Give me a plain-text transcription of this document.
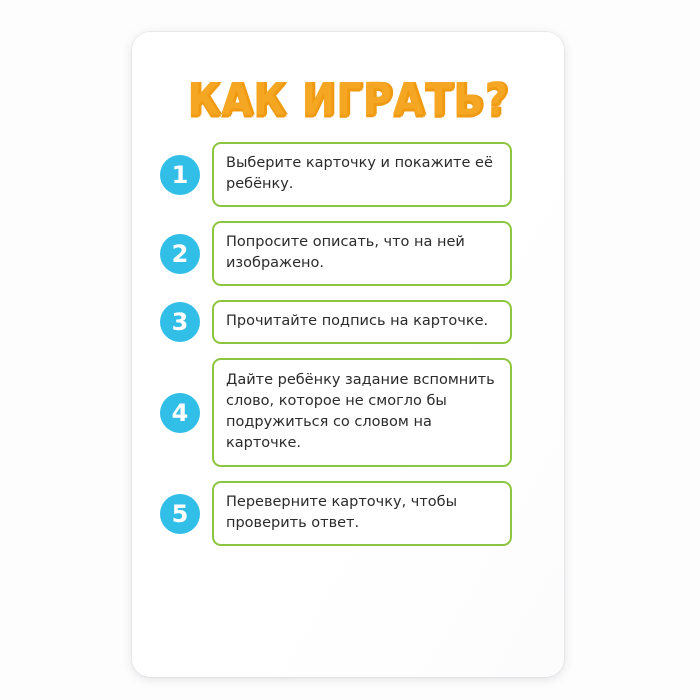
КАК ИГРАТЬ?
1	Выберите карточку и покажите её ребёнку.
2	Попросите описать, что на ней изображено.
3	Прочитайте подпись на карточке.
4
Дайте ребёнку задание вспомнить слово, которое не смогло бы подружиться со словом на карточке.
5	Переверните карточку, чтобы проверить ответ.
